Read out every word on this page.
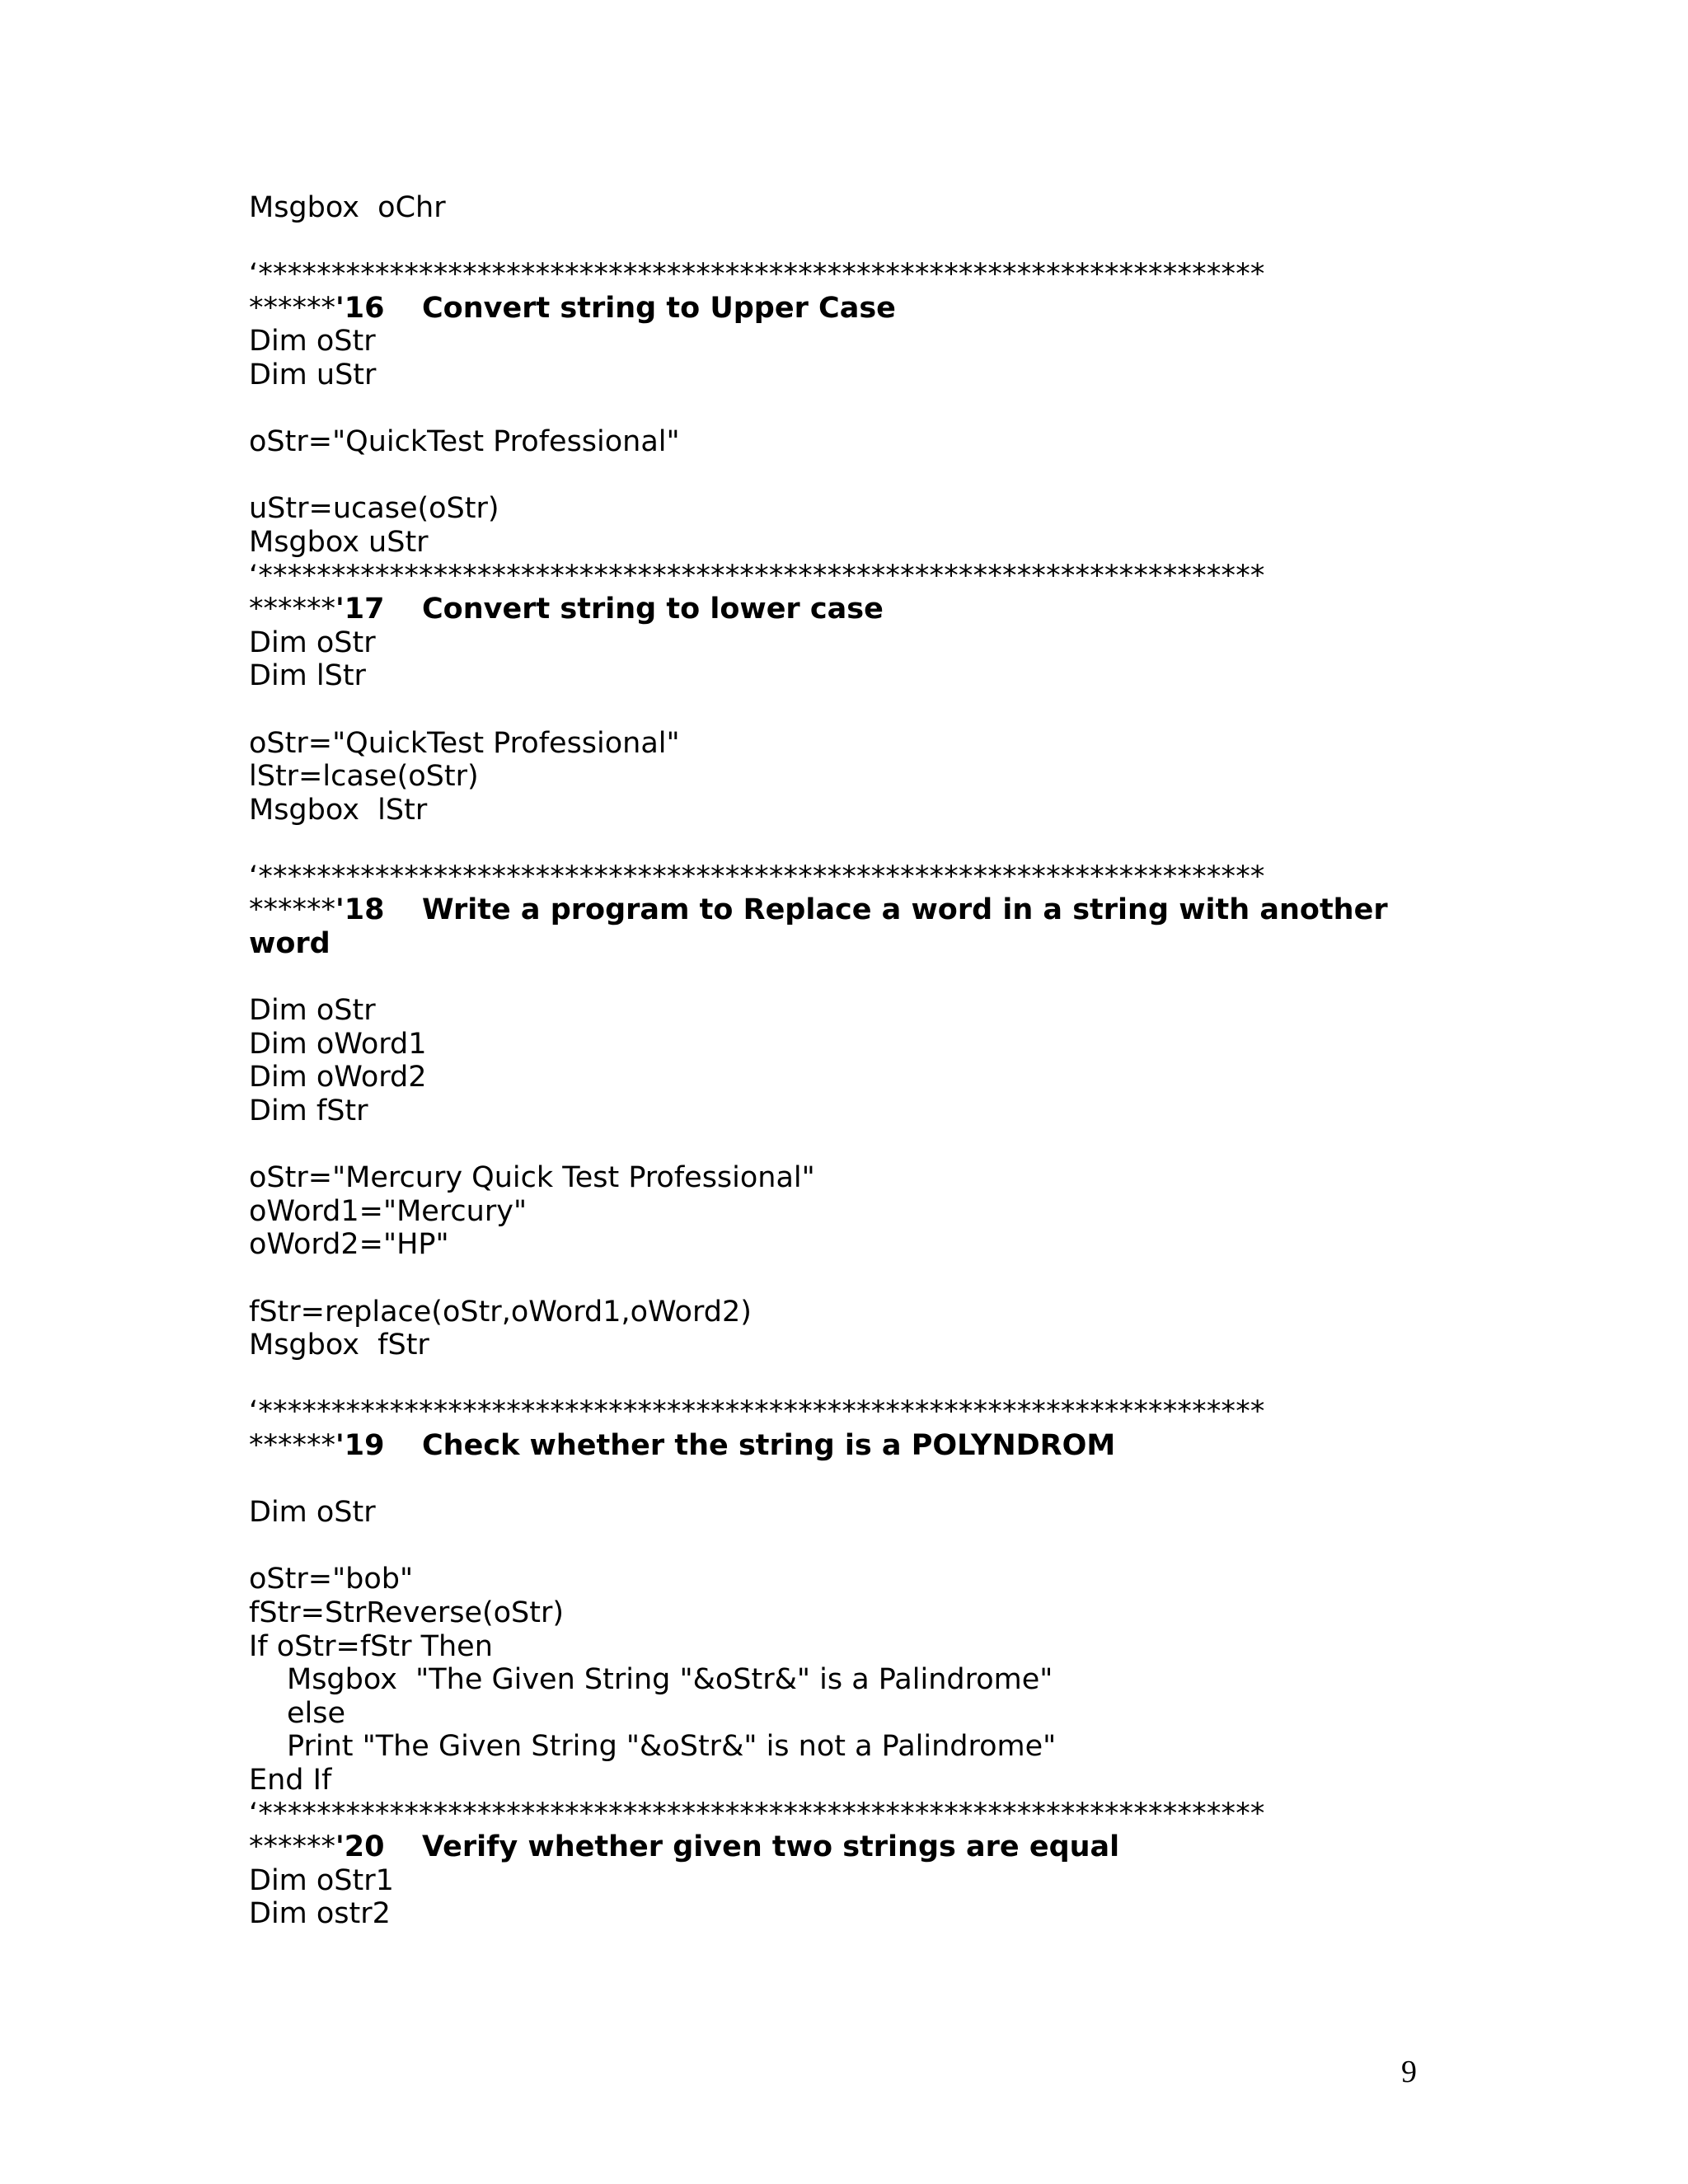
Msgbox  oChr
‘*********************************************************************
******'16 Convert string to Upper Case
Dim oStr
Dim uStr
oStr="QuickTest Professional"
uStr=ucase(oStr)
Msgbox uStr
‘*********************************************************************
******'17 Convert string to lower case
Dim oStr
Dim lStr
oStr="QuickTest Professional"
lStr=lcase(oStr)
Msgbox  lStr
‘*********************************************************************
******'18 Write a program to Replace a word in a string with another
word
Dim oStr
Dim oWord1
Dim oWord2
Dim fStr
oStr="Mercury Quick Test Professional"
oWord1="Mercury"
oWord2="HP"
fStr=replace(oStr,oWord1,oWord2)
Msgbox  fStr
‘*********************************************************************
******'19 Check whether the string is a POLYNDROM
Dim oStr
oStr="bob"
fStr=StrReverse(oStr)
If oStr=fStr Then
Msgbox  "The Given String "&oStr&" is a Palindrome"
else
Print "The Given String "&oStr&" is not a Palindrome"
End If
‘*********************************************************************
******'20 Verify whether given two strings are equal
Dim oStr1
Dim ostr2
9
